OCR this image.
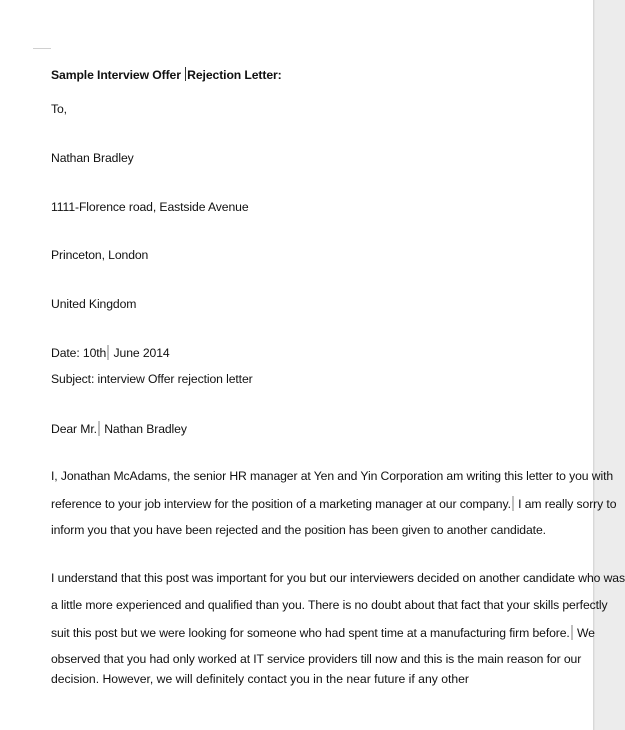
Sample Interview Offer Rejection Letter:
To,
Nathan Bradley
1111-Florence road, Eastside Avenue
Princeton, London
United Kingdom
Date: 10th June 2014
Subject: interview Offer rejection letter
Dear Mr. Nathan Bradley
I, Jonathan McAdams, the senior HR manager at Yen and Yin Corporation am writing this letter to you with
reference to your job interview for the position of a marketing manager at our company. I am really sorry to
inform you that you have been rejected and the position has been given to another candidate.
I understand that this post was important for you but our interviewers decided on another candidate who was
a little more experienced and qualified than you. There is no doubt about that fact that your skills perfectly
suit this post but we were looking for someone who had spent time at a manufacturing firm before. We
observed that you had only worked at IT service providers till now and this is the main reason for our
decision. However, we will definitely contact you in the near future if any other
